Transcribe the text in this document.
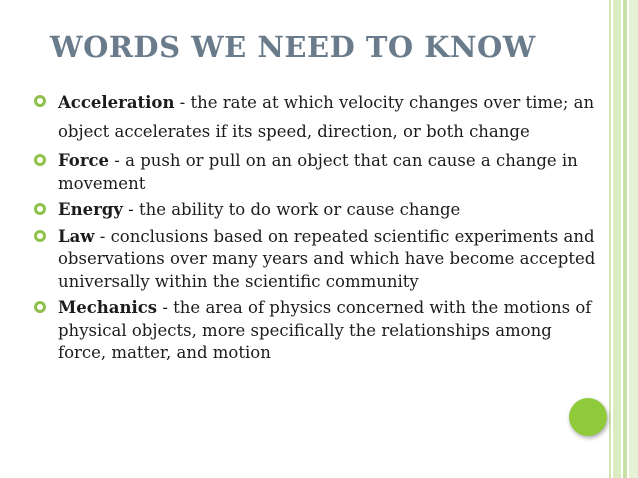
WORDS WE NEED TO KNOW
Acceleration - the rate at which velocity changes over time; an object accelerates if its speed, direction, or both change
Force - a push or pull on an object that can cause a change in movement
Energy - the ability to do work or cause change
Law - conclusions based on repeated scientific experiments and observations over many years and which have become accepted universally within the scientific community
Mechanics - the area of physics concerned with the motions of physical objects, more specifically the relationships among force, matter, and motion
